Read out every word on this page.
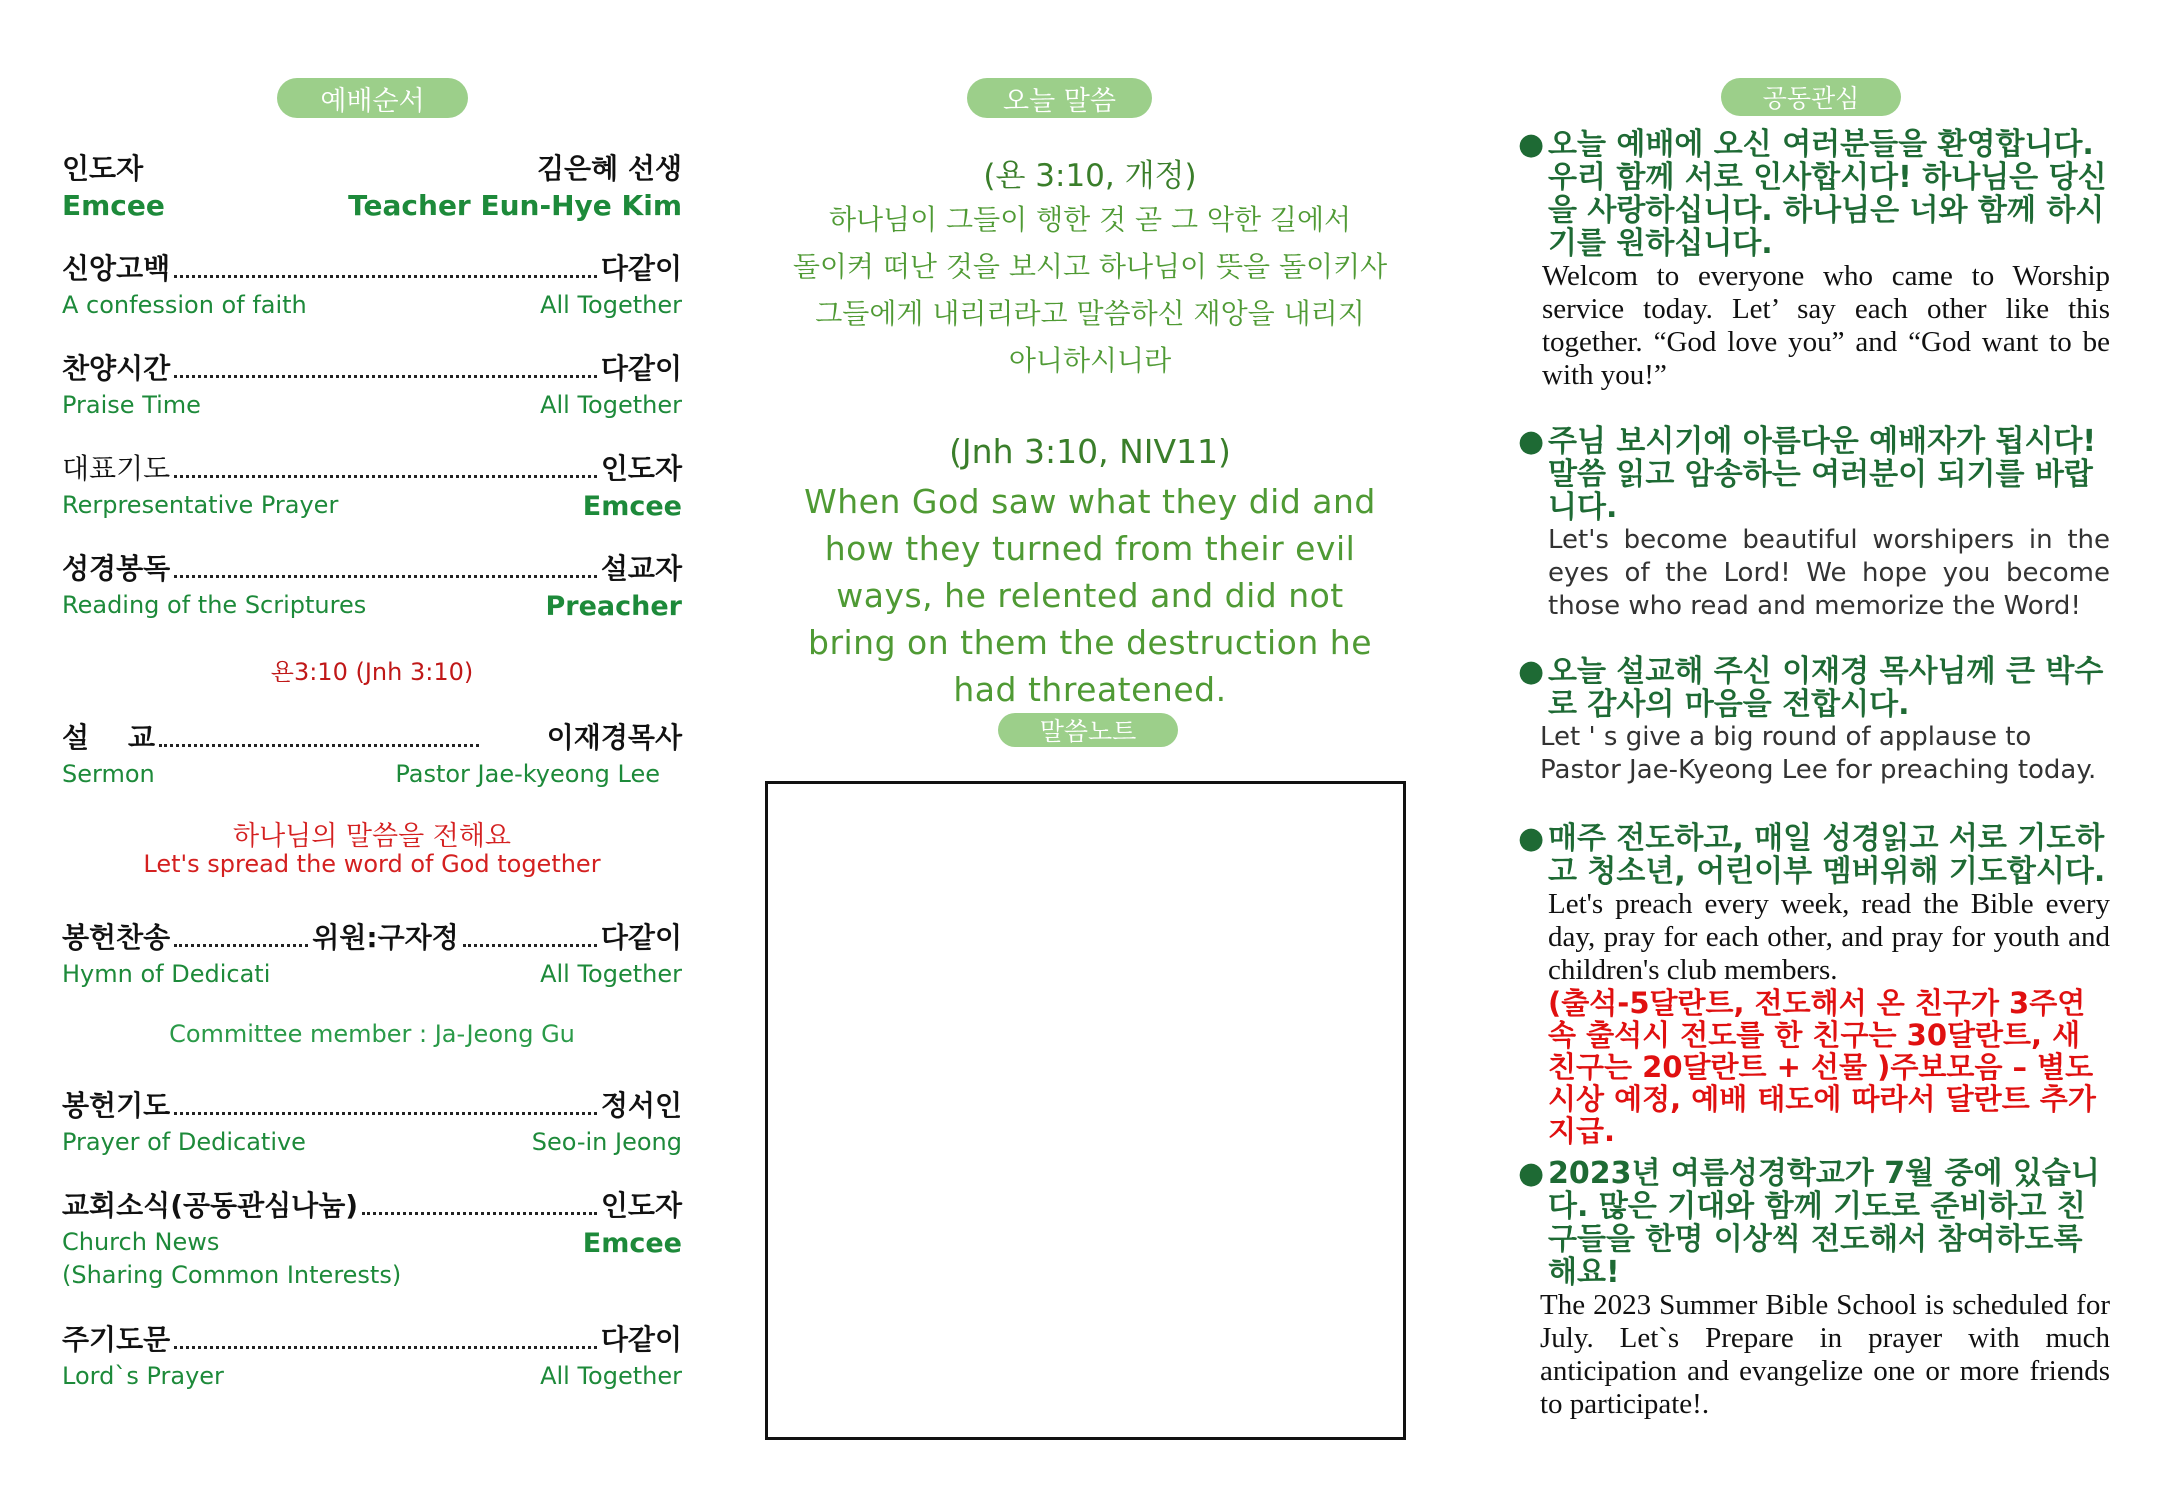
예배순서
인도자	김은혜 선생
Emcee	Teacher Eun-Hye Kim
신앙고백	다같이
A confession of faith	All Together
찬양시간	다같이
Praise Time	All Together
대표기도	인도자
Rerpresentative Prayer	Emcee
성경봉독	설교자
Reading of the Scriptures	Preacher
욘3:10 (Jnh 3:10)
설    교	이재경목사
Sermon	Pastor Jae-kyeong Lee
하나님의 말씀을 전해요
Let's spread the word of God together
봉헌찬송	위원:구자정	다같이
Hymn of Dedicati	All Together
Committee member : Ja-Jeong Gu
봉헌기도	정서인
Prayer of Dedicative	Seo-in Jeong
교회소식(공동관심나눔)	인도자
Church News	Emcee
(Sharing Common Interests)
주기도문	다같이
Lord`s Prayer	All Together
오늘 말씀
(욘 3:10, 개정)
하나님이 그들이 행한 것 곧 그 악한 길에서
돌이켜 떠난 것을 보시고 하나님이 뜻을 돌이키사
그들에게 내리리라고 말씀하신 재앙을 내리지
아니하시니라
(Jnh 3:10, NIV11)
When God saw what they did and
how they turned from their evil
ways, he relented and did not
bring on them the destruction he
had threatened.
말씀노트
공동관심
● 오늘 예배에 오신 여러분들을 환영합니다. 우리 함께 서로 인사합시다! 하나님은 당신을 사랑하십니다. 하나님은 너와 함께 하시기를 원하십니다.
Welcom to everyone who came to Worship service today. Let’ say each other like this together. “God love you” and “God want to be with you!”
● 주님 보시기에 아름다운 예배자가 됩시다! 말씀 읽고 암송하는 여러분이 되기를 바랍니다.
Let's become beautiful worshipers in the eyes of the Lord! We hope you become those who read and memorize the Word!
● 오늘 설교해 주신 이재경 목사님께 큰 박수로 감사의 마음을 전합시다.
Let ' s give a big round of applause to Pastor Jae-Kyeong Lee for preaching today.
● 매주 전도하고, 매일 성경읽고 서로 기도하고 청소년, 어린이부 멤버위해 기도합시다.
Let's preach every week, read the Bible every day, pray for each other, and pray for youth and children's club members.
(출석-5달란트, 전도해서 온 친구가 3주연속 출석시 전도를 한 친구는 30달란트, 새 친구는 20달란트 + 선물 )주보모음 – 별도 시상 예정, 예배 태도에 따라서 달란트 추가 지급.
● 2023년 여름성경학교가 7월 중에 있습니다. 많은 기대와 함께 기도로 준비하고 친구들을 한명 이상씩 전도해서 참여하도록 해요!
The 2023 Summer Bible School is scheduled for July. Let`s Prepare in prayer with much anticipation and evangelize one or more friends to participate!.
